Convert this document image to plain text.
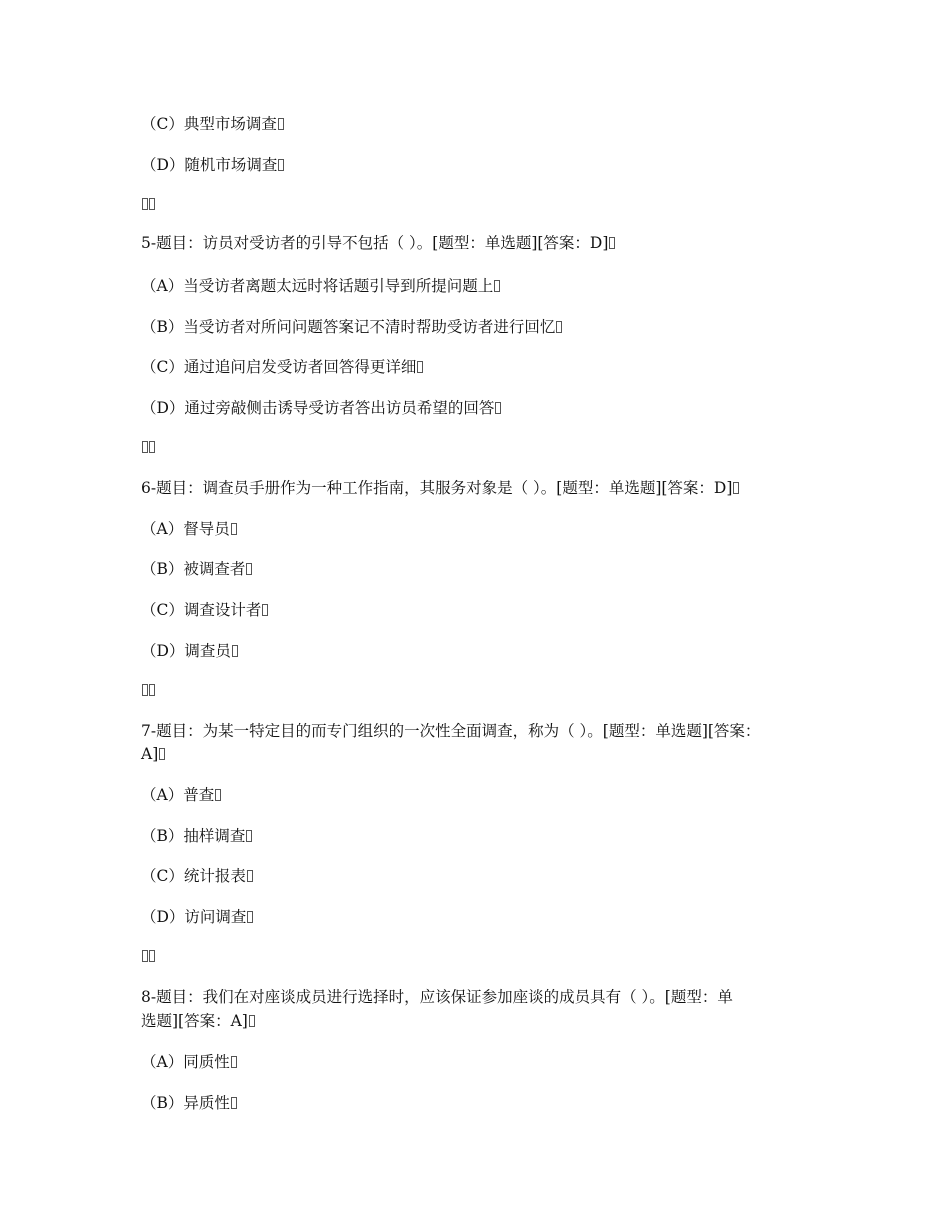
（C）典型市场调查
（D）随机市场调查
5-题目：访员对受访者的引导不包括（ ）。[题型：单选题][答案：D]
（A）当受访者离题太远时将话题引导到所提问题上
（B）当受访者对所问问题答案记不清时帮助受访者进行回忆
（C）通过追问启发受访者回答得更详细
（D）通过旁敲侧击诱导受访者答出访员希望的回答
6-题目：调查员手册作为一种工作指南，其服务对象是（ ）。[题型：单选题][答案：D]
（A）督导员
（B）被调查者
（C）调查设计者
（D）调查员
7-题目：为某一特定目的而专门组织的一次性全面调查，称为（ ）。[题型：单选题][答案：
A]
（A）普查
（B）抽样调查
（C）统计报表
（D）访问调查
8-题目：我们在对座谈成员进行选择时，应该保证参加座谈的成员具有（ ）。[题型：单
选题][答案：A]
（A）同质性
（B）异质性
